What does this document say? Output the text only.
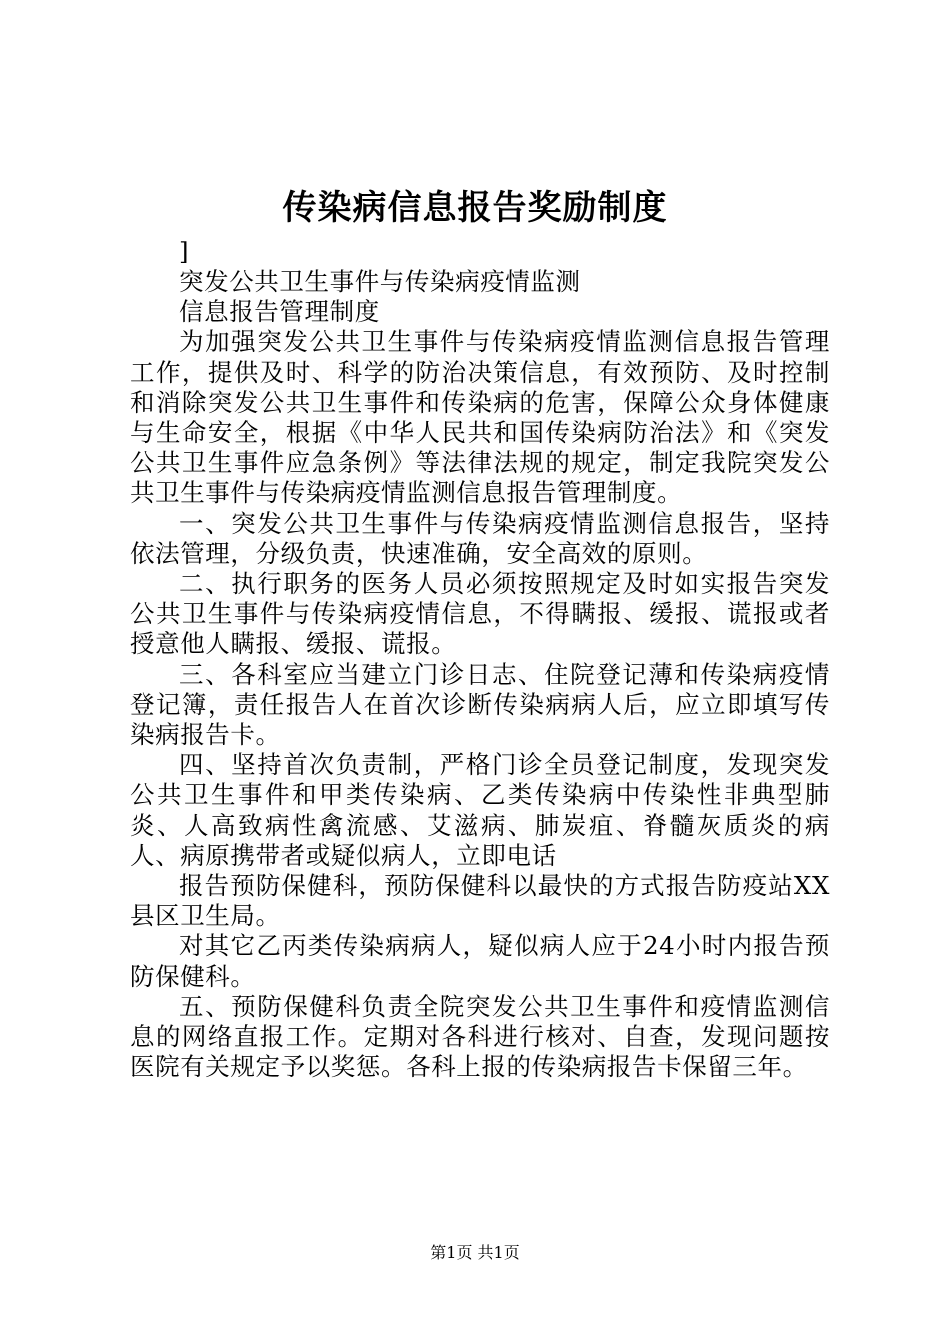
传染病信息报告奖励制度

]

突发公共卫生事件与传染病疫情监测

信息报告管理制度

为加强突发公共卫生事件与传染病疫情监测信息报告管理工作，提供及时、科学的防治决策信息，有效预防、及时控制和消除突发公共卫生事件和传染病的危害，保障公众身体健康与生命安全，根据《中华人民共和国传染病防治法》和《突发公共卫生事件应急条例》等法律法规的规定，制定我院突发公共卫生事件与传染病疫情监测信息报告管理制度。

一、突发公共卫生事件与传染病疫情监测信息报告，坚持依法管理，分级负责，快速准确，安全高效的原则。

二、执行职务的医务人员必须按照规定及时如实报告突发公共卫生事件与传染病疫情信息，不得瞒报、缓报、谎报或者授意他人瞒报、缓报、谎报。

三、各科室应当建立门诊日志、住院登记薄和传染病疫情登记簿，责任报告人在首次诊断传染病病人后，应立即填写传染病报告卡。

四、坚持首次负责制，严格门诊全员登记制度，发现突发公共卫生事件和甲类传染病、乙类传染病中传染性非典型肺炎、人高致病性禽流感、艾滋病、肺炭疽、脊髓灰质炎的病人、病原携带者或疑似病人，立即电话

报告预防保健科，预防保健科以最快的方式报告防疫站XX县区卫生局。

对其它乙丙类传染病病人，疑似病人应于24小时内报告预防保健科。

五、预防保健科负责全院突发公共卫生事件和疫情监测信息的网络直报工作。定期对各科进行核对、自查，发现问题按医院有关规定予以奖惩。各科上报的传染病报告卡保留三年。

第1页 共1页
